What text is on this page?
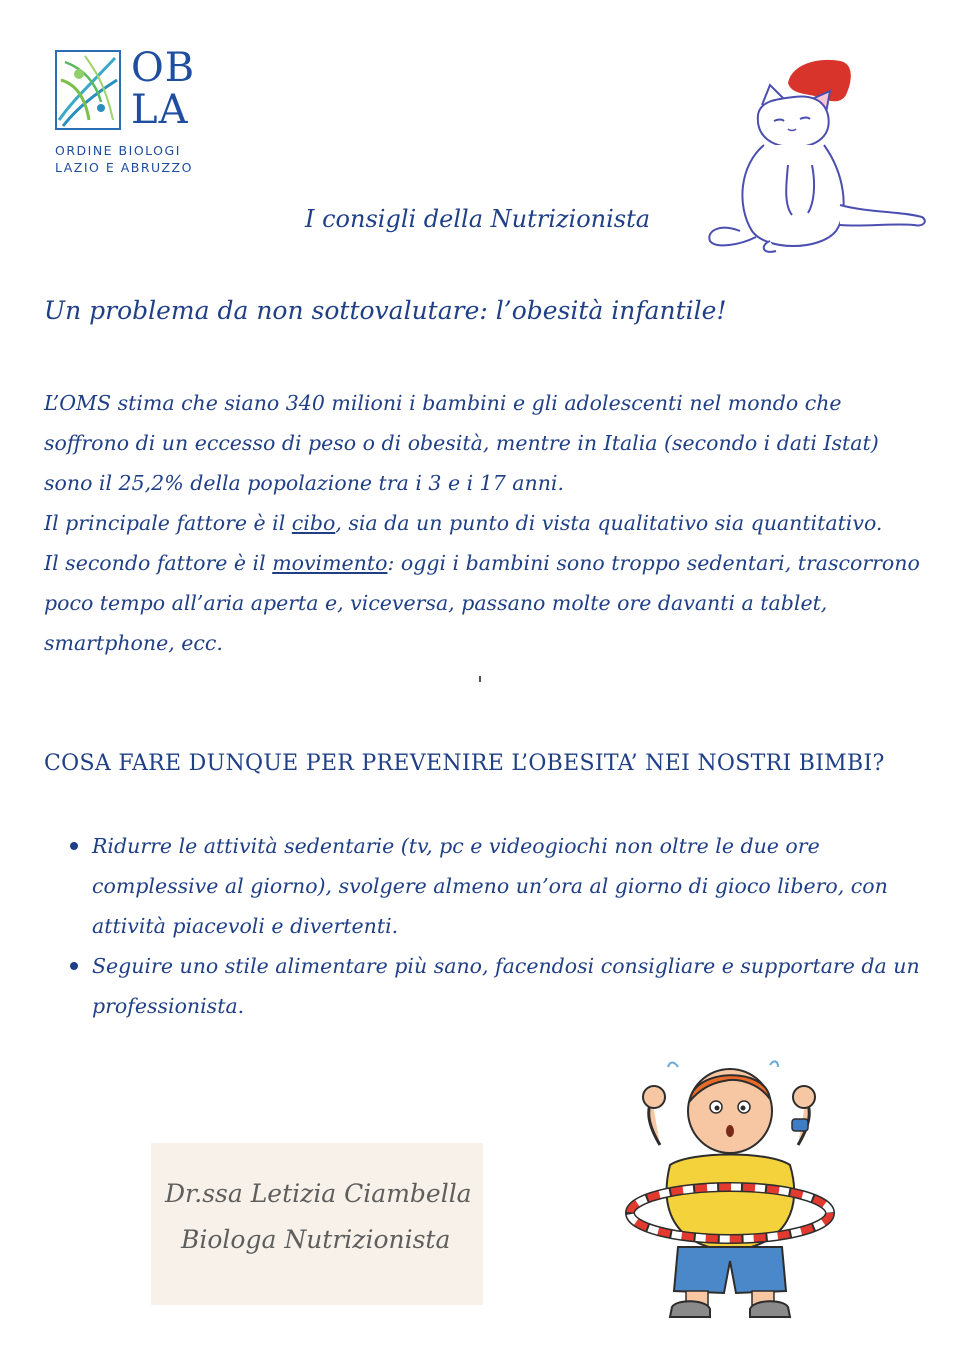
OB
LA
ORDINE BIOLOGI
LAZIO E ABRUZZO
I consigli della Nutrizionista
Un problema da non sottovalutare: l’obesità infantile!

L’OMS stima che siano 340 milioni i bambini e gli adolescenti nel mondo che soffrono di un eccesso di peso o di obesità, mentre in Italia (secondo i dati Istat) sono il 25,2% della popolazione tra i 3 e i 17 anni.

Il principale fattore è il cibo, sia da un punto di vista qualitativo sia quantitativo.

Il secondo fattore è il movimento: oggi i bambini sono troppo sedentari, trascorrono poco tempo all’aria aperta e, viceversa, passano molte ore davanti a tablet, smartphone, ecc.

COSA FARE DUNQUE PER PREVENIRE L’OBESITA’ NEI NOSTRI BIMBI?
Ridurre le attività sedentarie (tv, pc e videogiochi non oltre le due ore complessive al giorno), svolgere almeno un’ora al giorno di gioco libero, con attività piacevoli e divertenti.
Seguire uno stile alimentare più sano, facendosi consigliare e supportare da un professionista.
Dr.ssa Letizia Ciambella
Biologa Nutrizionista
